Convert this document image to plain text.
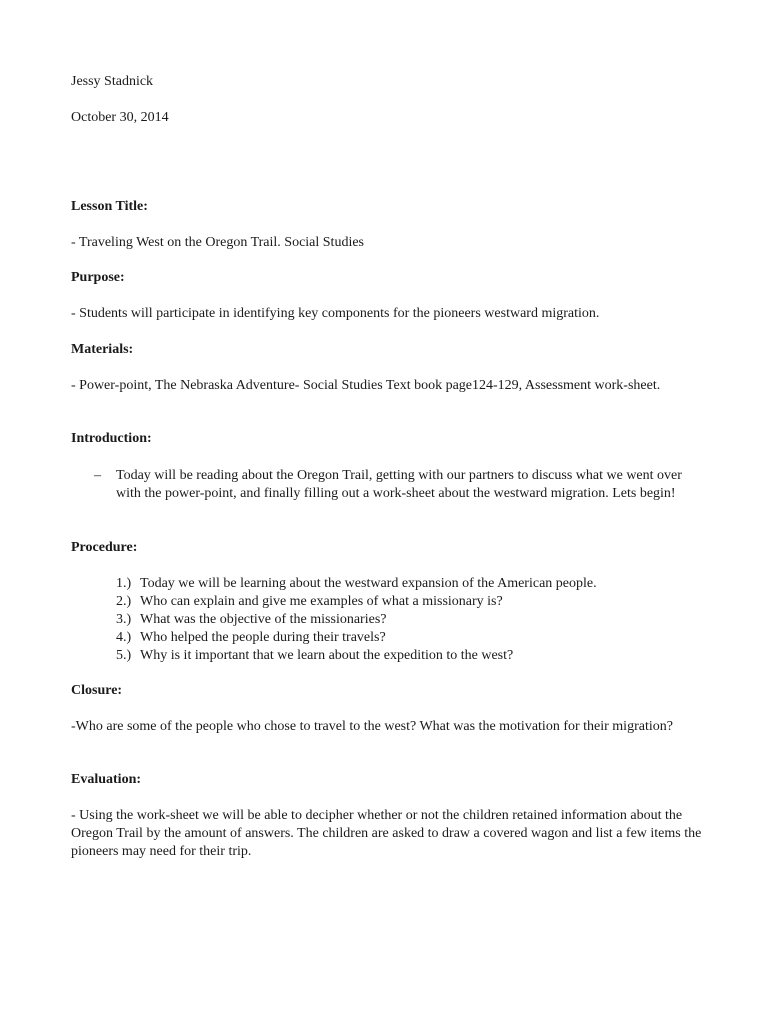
Jessy Stadnick
October 30, 2014
Lesson Title:
- Traveling West on the Oregon Trail. Social Studies
Purpose:
- Students will participate in identifying key components for the pioneers westward migration.
Materials:
- Power-point, The Nebraska Adventure- Social Studies Text book page124-129, Assessment work-sheet.
Introduction:
– Today will be reading about the Oregon Trail, getting with our partners to discuss what we went over with the power-point, and finally filling out a work-sheet about the westward migration. Lets begin!
Procedure:
1.) Today we will be learning about the westward expansion of the American people.
2.) Who can explain and give me examples of what a missionary is?
3.) What was the objective of the missionaries?
4.) Who helped the people during their travels?
5.) Why is it important that we learn about the expedition to the west?
Closure:
-Who are some of the people who chose to travel to the west? What was the motivation for their migration?
Evaluation:
- Using the work-sheet we will be able to decipher whether or not the children retained information about the Oregon Trail by the amount of answers. The children are asked to draw a covered wagon and list a few items the pioneers may need for their trip.
